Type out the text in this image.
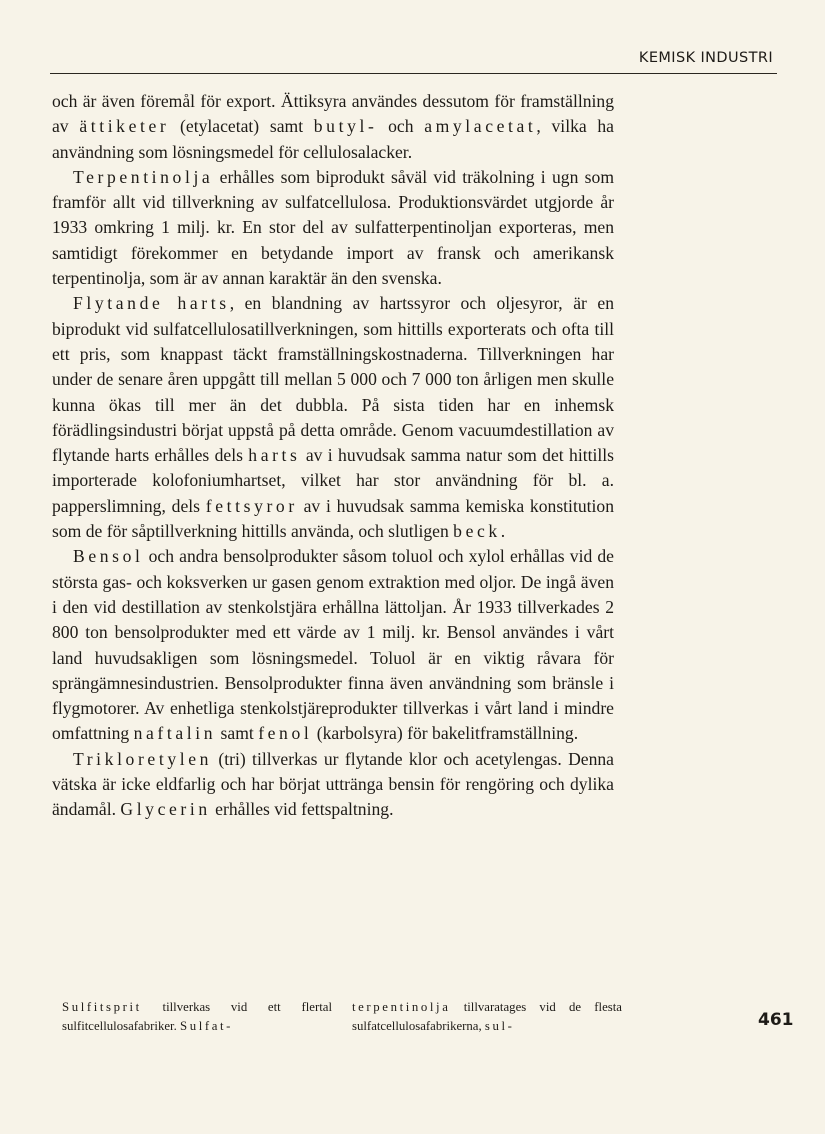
KEMISK INDUSTRI

och är även föremål för export. Ättiksyra användes dessutom för framställning av ättiketer (etylacetat) samt butyl- och amylacetat, vilka ha användning som lösningsmedel för cellulosalacker.

Terpentinolja erhålles som biprodukt såväl vid träkolning i ugn som framför allt vid tillverkning av sulfatcellulosa. Produktionsvärdet utgjorde år 1933 omkring 1 milj. kr. En stor del av sulfatterpentinoljan exporteras, men samtidigt förekommer en betydande import av fransk och amerikansk terpentinolja, som är av annan karaktär än den svenska.

Flytande harts, en blandning av hartssyror och oljesyror, är en biprodukt vid sulfatcellulosatillverkningen, som hittills exporterats och ofta till ett pris, som knappast täckt framställningskostnaderna. Tillverkningen har under de senare åren uppgått till mellan 5 000 och 7 000 ton årligen men skulle kunna ökas till mer än det dubbla. På sista tiden har en inhemsk förädlingsindustri börjat uppstå på detta område. Genom vacuumdestillation av flytande harts erhålles dels harts av i huvudsak samma natur som det hittills importerade kolofoniumhartset, vilket har stor användning för bl. a. papperslimning, dels fettsyror av i huvudsak samma kemiska konstitution som de för såptillverkning hittills använda, och slutligen beck.

Bensol och andra bensolprodukter såsom toluol och xylol erhållas vid de största gas- och koksverken ur gasen genom extraktion med oljor. De ingå även i den vid destillation av stenkolstjära erhållna lättoljan. År 1933 tillverkades 2 800 ton bensolprodukter med ett värde av 1 milj. kr. Bensol användes i vårt land huvudsakligen som lösningsmedel. Toluol är en viktig råvara för sprängämnesindustrien. Bensolprodukter finna även användning som bränsle i flygmotorer. Av enhetliga stenkolstjäreprodukter tillverkas i vårt land i mindre omfattning naftalin samt fenol (karbolsyra) för bakelitframställning.

Trikloretylen (tri) tillverkas ur flytande klor och acetylengas. Denna vätska är icke eldfarlig och har börjat uttränga bensin för rengöring och dylika ändamål. Glycerin erhålles vid fettspaltning.

Sulfitsprit tillverkas vid ett flertal sulfitcellulosafabriker. Sulfat-
terpentinolja tillvaratages vid de flesta sulfatcellulosafabrikerna, sul-	461
